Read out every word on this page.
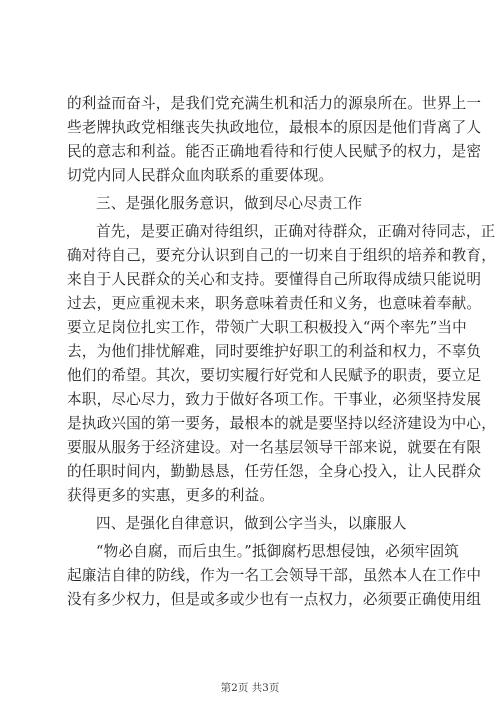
的利益而奋斗，是我们党充满生机和活力的源泉所在。世界上一
些老牌执政党相继丧失执政地位，最根本的原因是他们背离了人
民的意志和利益。能否正确地看待和行使人民赋予的权力，是密
切党内同人民群众血肉联系的重要体现。
三、是强化服务意识，做到尽心尽责工作
首先，是要正确对待组织，正确对待群众，正确对待同志，正
确对待自己，要充分认识到自己的一切来自于组织的培养和教育，
来自于人民群众的关心和支持。要懂得自己所取得成绩只能说明
过去，更应重视未来，职务意味着责任和义务，也意味着奉献。
要立足岗位扎实工作，带领广大职工积极投入“两个率先”当中
去，为他们排忧解难，同时要维护好职工的利益和权力，不辜负
他们的希望。其次，要切实履行好党和人民赋予的职责，要立足
本职，尽心尽力，致力于做好各项工作。干事业，必须坚持发展
是执政兴国的第一要务，最根本的就是要坚持以经济建设为中心，
要服从服务于经济建设。对一名基层领导干部来说，就要在有限
的任职时间内，勤勤恳恳，任劳任怨，全身心投入，让人民群众
获得更多的实惠，更多的利益。
四、是强化自律意识，做到公字当头，以廉服人
“物必自腐，而后虫生。”抵御腐朽思想侵蚀，必须牢固筑
起廉洁自律的防线，作为一名工会领导干部，虽然本人在工作中
没有多少权力，但是或多或少也有一点权力，必须要正确使用组
第2页 共3页
